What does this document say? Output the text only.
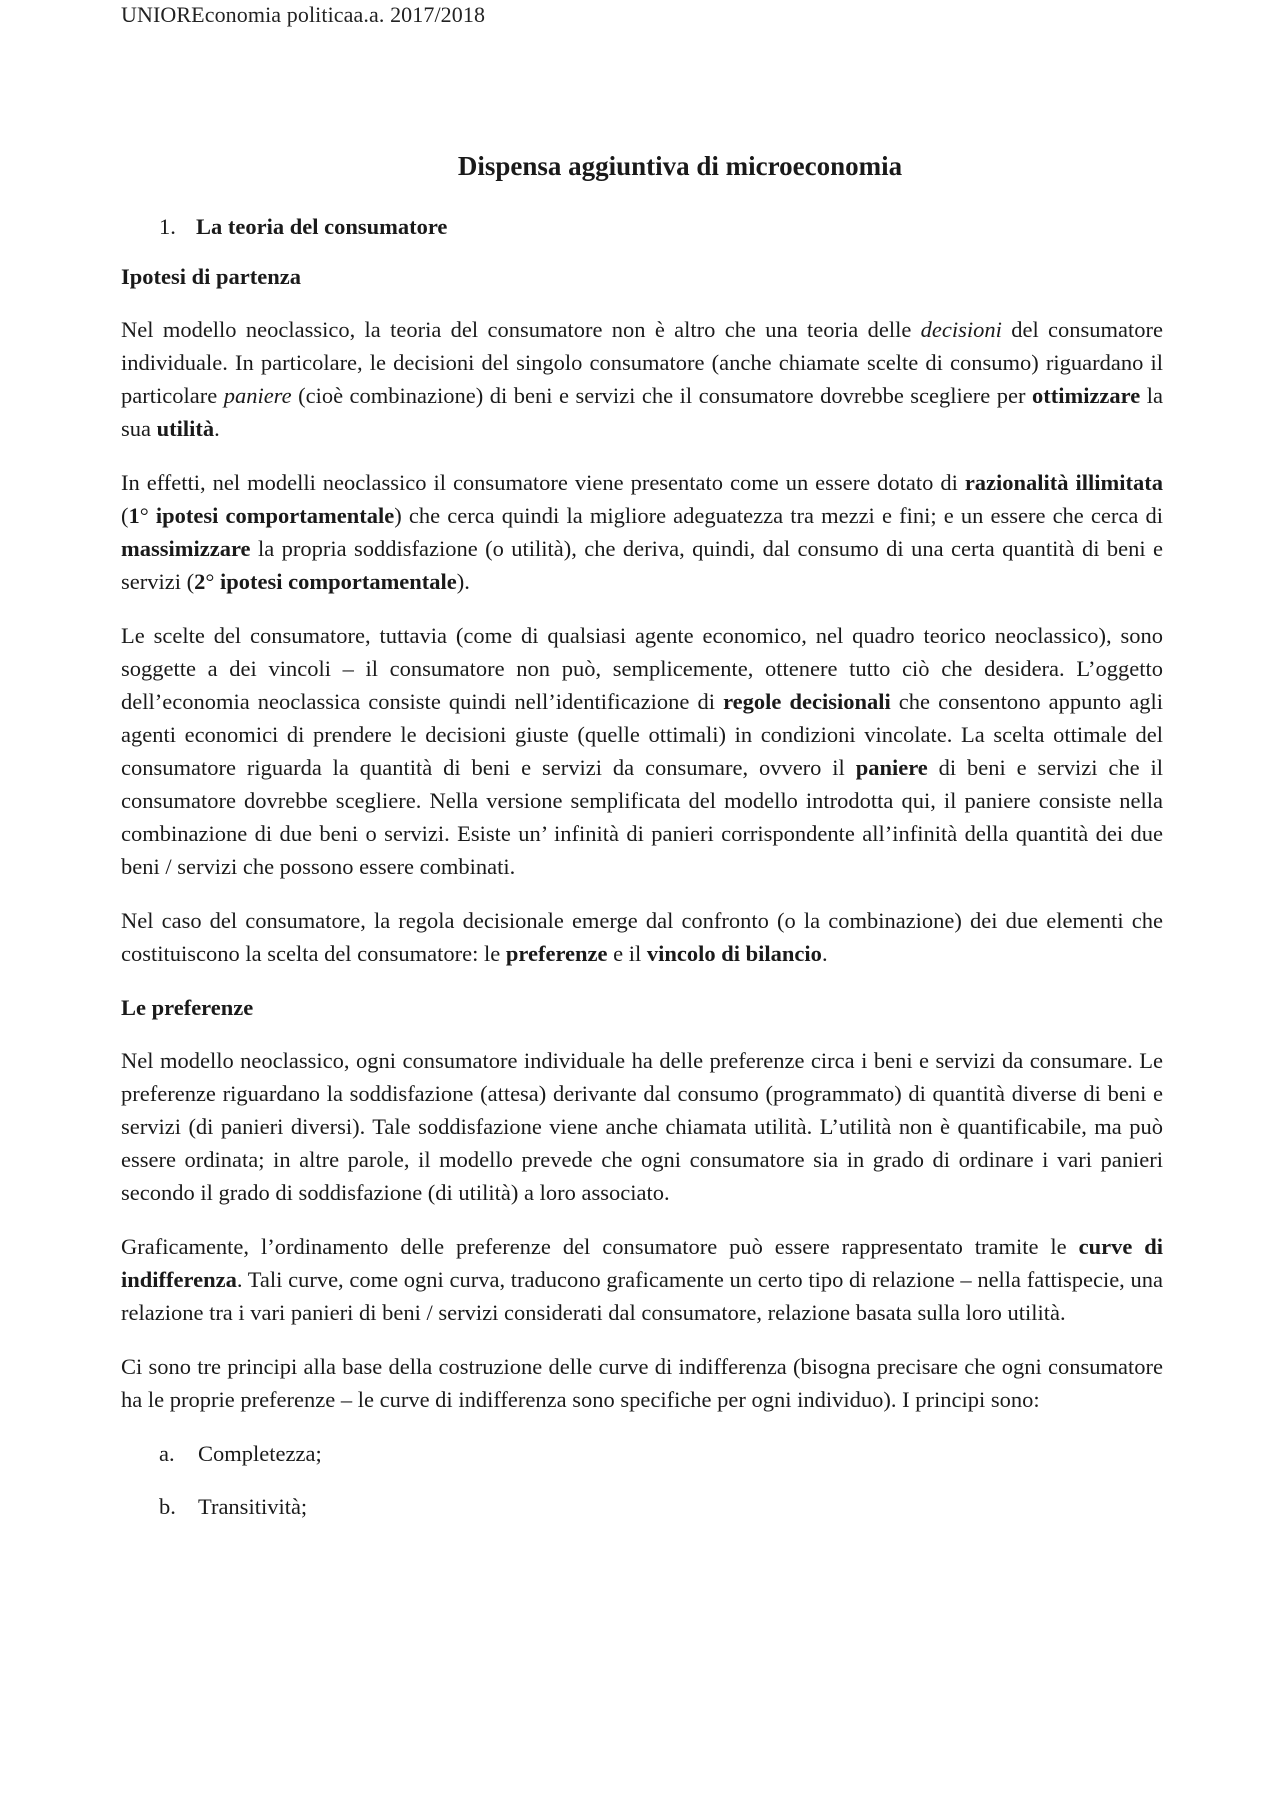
UNIOREconomia politicaa.a. 2017/2018
Dispensa aggiuntiva di microeconomia
1. La teoria del consumatore
Ipotesi di partenza

Nel modello neoclassico, la teoria del consumatore non è altro che una teoria delle decisioni del consumatore individuale. In particolare, le decisioni del singolo consumatore (anche chiamate scelte di consumo) riguardano il particolare paniere (cioè combinazione) di beni e servizi che il consumatore dovrebbe scegliere per ottimizzare la sua utilità.

In effetti, nel modelli neoclassico il consumatore viene presentato come un essere dotato di razionalità illimitata (1° ipotesi comportamentale) che cerca quindi la migliore adeguatezza tra mezzi e fini; e un essere che cerca di massimizzare la propria soddisfazione (o utilità), che deriva, quindi, dal consumo di una certa quantità di beni e servizi (2° ipotesi comportamentale).

Le scelte del consumatore, tuttavia (come di qualsiasi agente economico, nel quadro teorico neoclassico), sono soggette a dei vincoli – il consumatore non può, semplicemente, ottenere tutto ciò che desidera. L’oggetto dell’economia neoclassica consiste quindi nell’identificazione di regole decisionali che consentono appunto agli agenti economici di prendere le decisioni giuste (quelle ottimali) in condizioni vincolate. La scelta ottimale del consumatore riguarda la quantità di beni e servizi da consumare, ovvero il paniere di beni e servizi che il consumatore dovrebbe scegliere. Nella versione semplificata del modello introdotta qui, il paniere consiste nella combinazione di due beni o servizi. Esiste un’ infinità di panieri corrispondente all’infinità della quantità dei due beni / servizi che possono essere combinati.

Nel caso del consumatore, la regola decisionale emerge dal confronto (o la combinazione) dei due elementi che costituiscono la scelta del consumatore: le preferenze e il vincolo di bilancio.

Le preferenze

Nel modello neoclassico, ogni consumatore individuale ha delle preferenze circa i beni e servizi da consumare. Le preferenze riguardano la soddisfazione (attesa) derivante dal consumo (programmato) di quantità diverse di beni e servizi (di panieri diversi). Tale soddisfazione viene anche chiamata utilità. L’utilità non è quantificabile, ma può essere ordinata; in altre parole, il modello prevede che ogni consumatore sia in grado di ordinare i vari panieri secondo il grado di soddisfazione (di utilità) a loro associato.

Graficamente, l’ordinamento delle preferenze del consumatore può essere rappresentato tramite le curve di indifferenza. Tali curve, come ogni curva, traducono graficamente un certo tipo di relazione – nella fattispecie, una relazione tra i vari panieri di beni / servizi considerati dal consumatore, relazione basata sulla loro utilità.

Ci sono tre principi alla base della costruzione delle curve di indifferenza (bisogna precisare che ogni consumatore ha le proprie preferenze – le curve di indifferenza sono specifiche per ogni individuo). I principi sono:

a.	Completezza;
b. Transitività;
